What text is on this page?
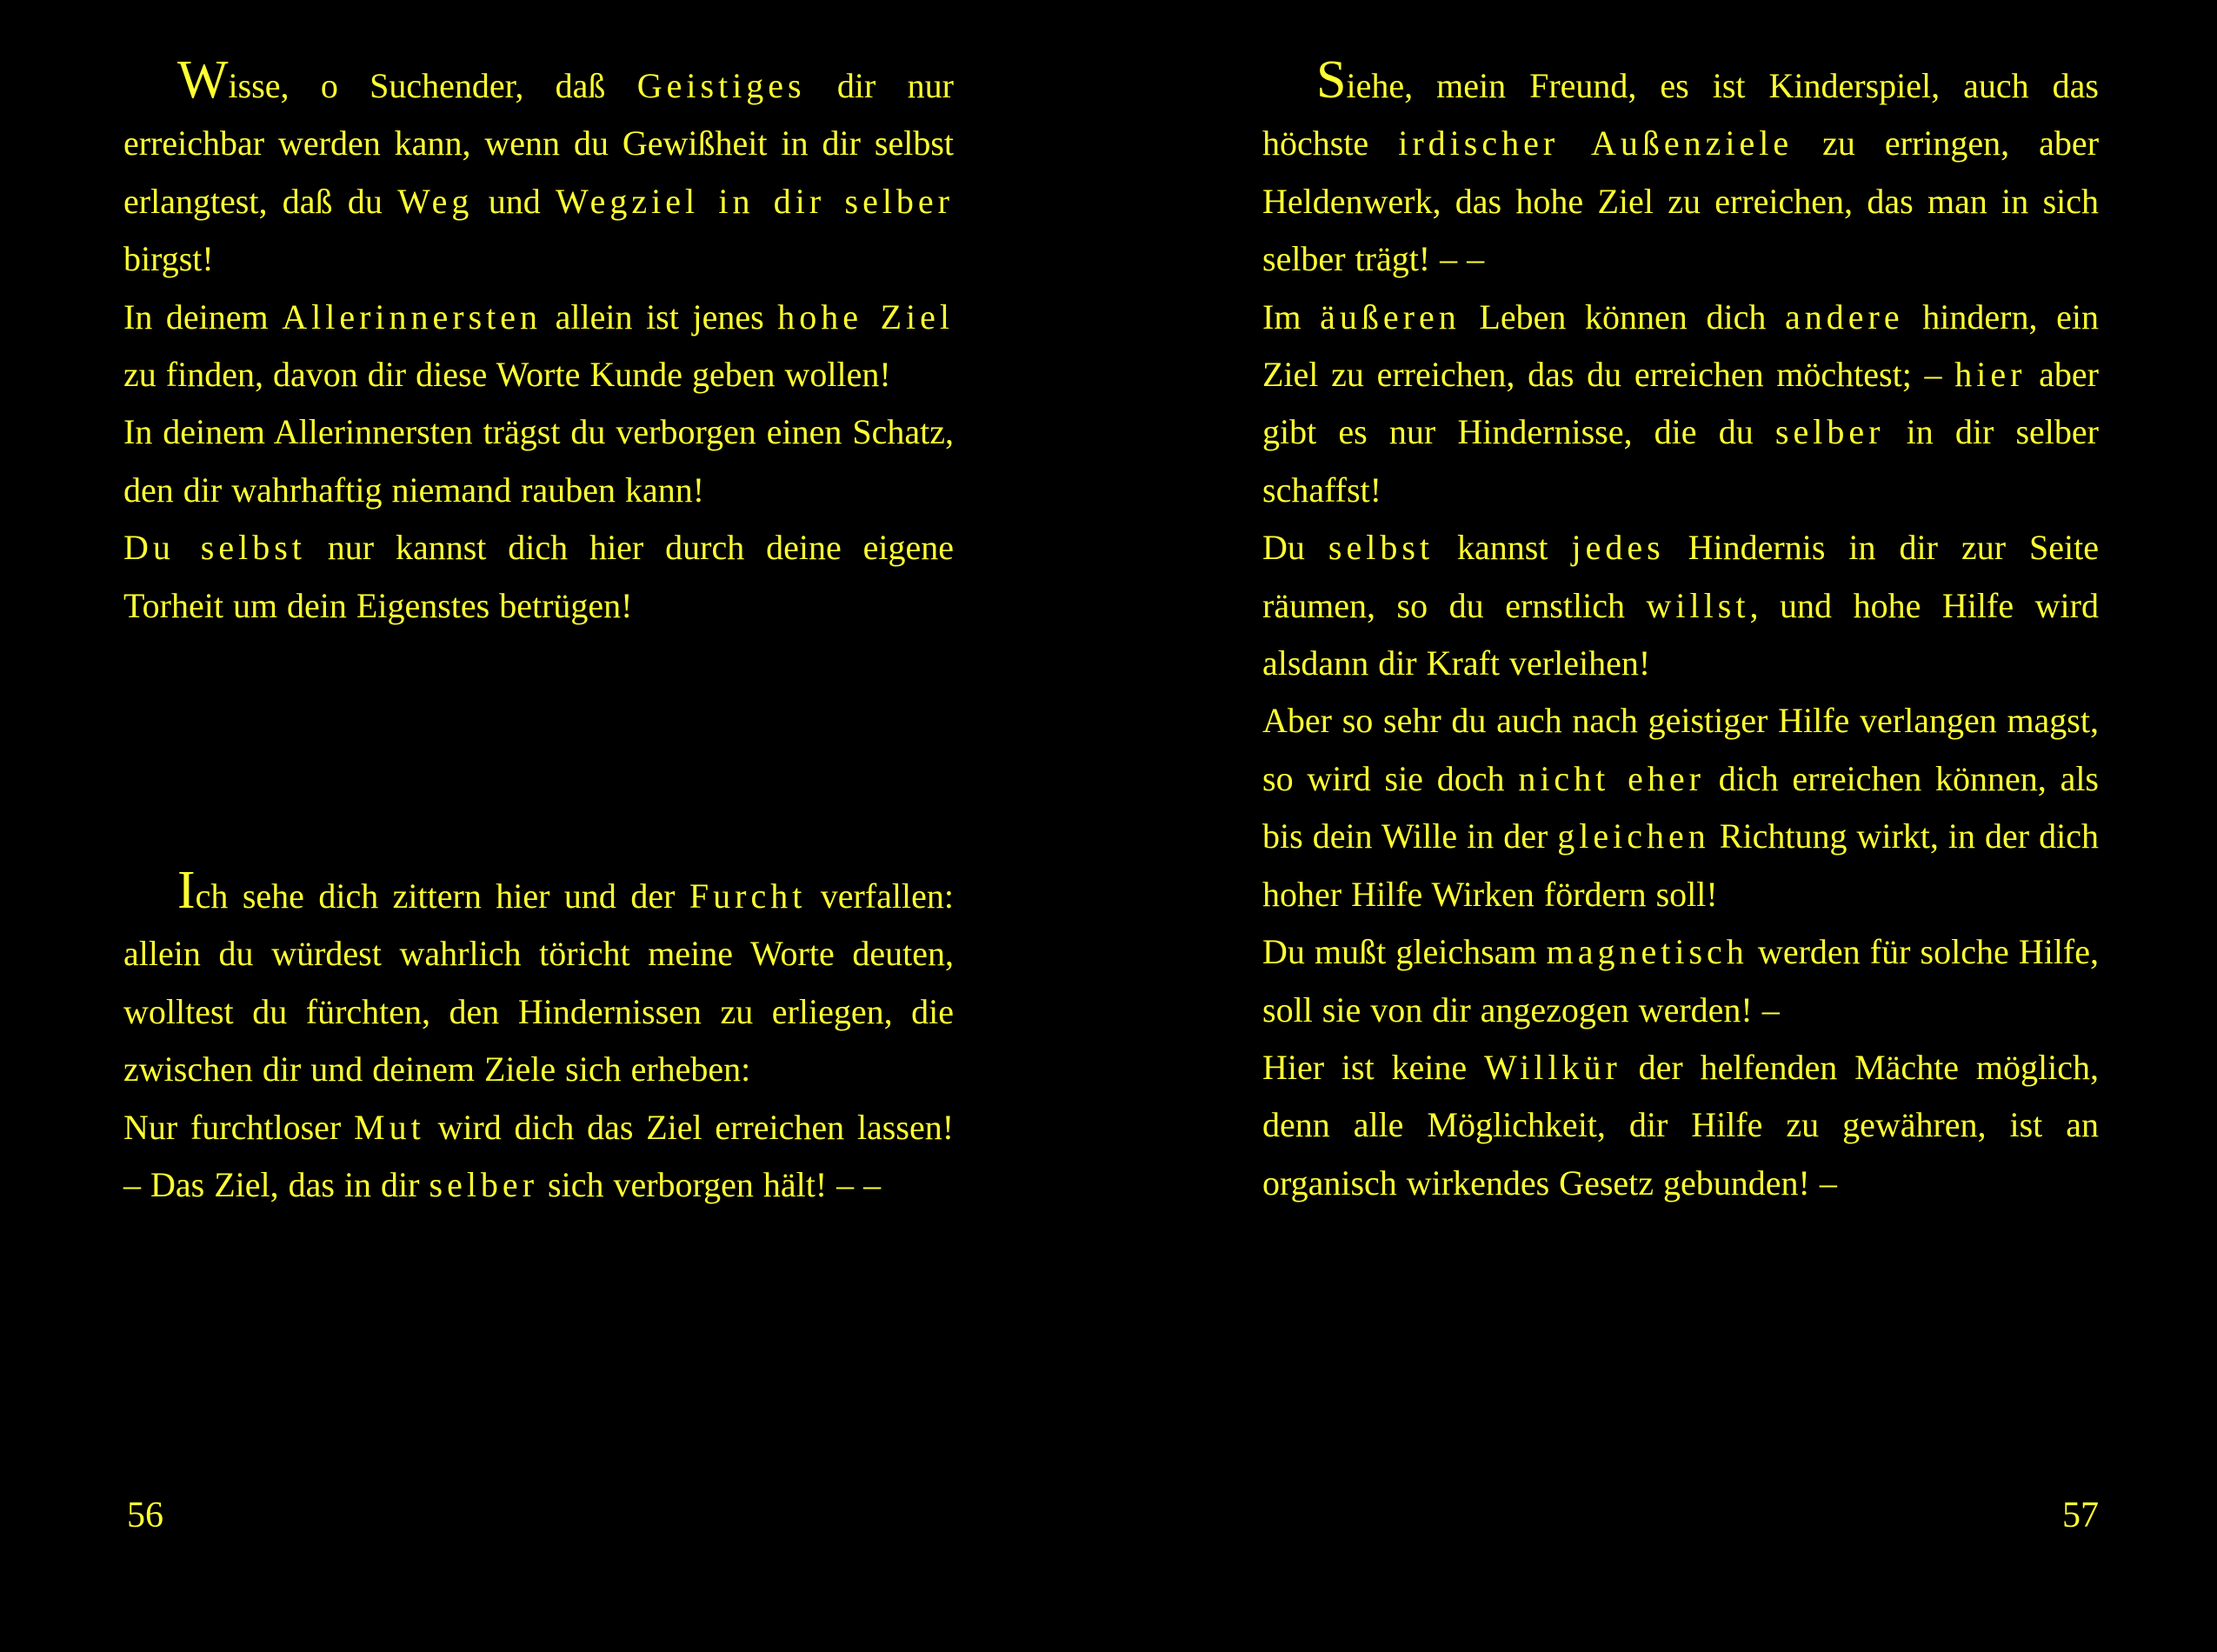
Wisse, o Suchender, daß Geistiges dir nur erreichbar werden kann, wenn du Gewißheit in dir selbst erlangtest, daß du Weg und Wegziel in dir selber birgst!

In deinem Allerinnersten allein ist jenes hohe Ziel zu finden, davon dir diese Worte Kunde geben wollen!

In deinem Allerinnersten trägst du verborgen einen Schatz, den dir wahrhaftig niemand rauben kann!

Du selbst nur kannst dich hier durch deine eigene Torheit um dein Eigenstes betrügen!

Ich sehe dich zittern hier und der Furcht verfallen: allein du würdest wahrlich töricht meine Worte deuten, wolltest du fürchten, den Hindernissen zu erliegen, die zwischen dir und deinem Ziele sich erheben:

Nur furchtloser Mut wird dich das Ziel erreichen lassen! – Das Ziel, das in dir selber sich verborgen hält! – –

56

Siehe, mein Freund, es ist Kinderspiel, auch das höchste irdischer Außenziele zu erringen, aber Heldenwerk, das hohe Ziel zu erreichen, das man in sich selber trägt! – –

Im äußeren Leben können dich andere hindern, ein Ziel zu erreichen, das du erreichen möchtest; – hier aber gibt es nur Hindernisse, die du selber in dir selber schaffst!

Du selbst kannst jedes Hindernis in dir zur Seite räumen, so du ernstlich willst, und hohe Hilfe wird alsdann dir Kraft verleihen!

Aber so sehr du auch nach geistiger Hilfe verlangen magst, so wird sie doch nicht eher dich erreichen können, als bis dein Wille in der gleichen Richtung wirkt, in der dich hoher Hilfe Wirken fördern soll!

Du mußt gleichsam magnetisch werden für solche Hilfe, soll sie von dir angezogen werden! –

Hier ist keine Willkür der helfenden Mächte möglich, denn alle Möglichkeit, dir Hilfe zu gewähren, ist an organisch wirkendes Gesetz gebunden! –

57
